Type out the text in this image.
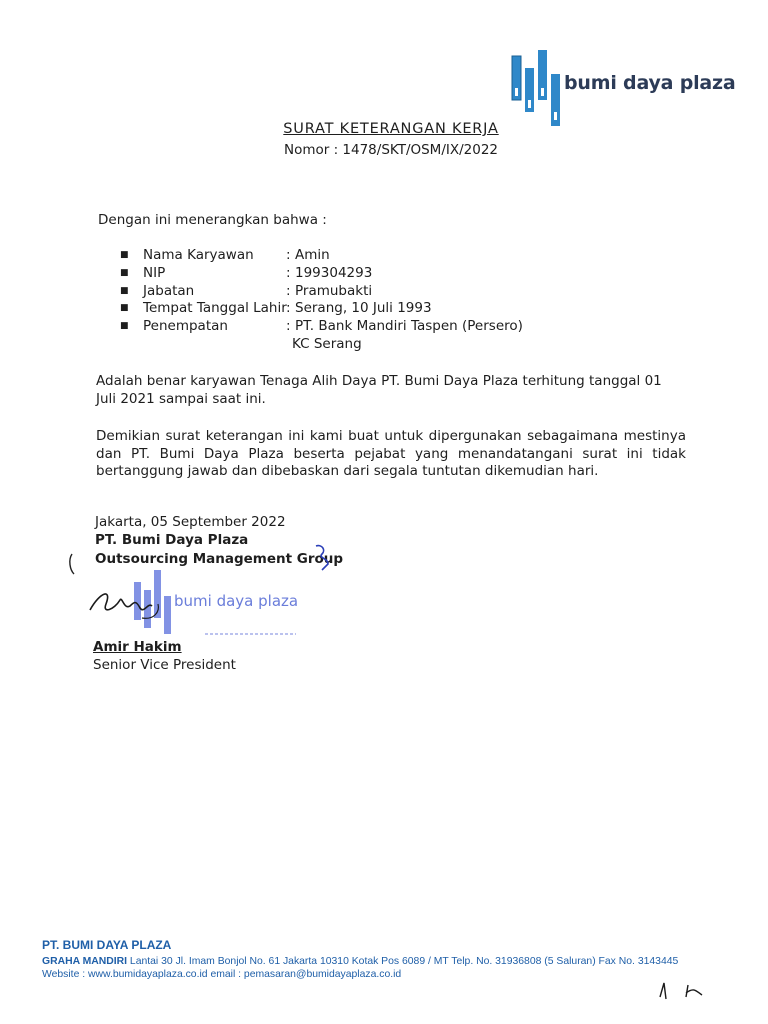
bumi daya plaza
SURAT KETERANGAN KERJA
Nomor : 1478/SKT/OSM/IX/2022
Dengan ini menerangkan bahwa :
■	Nama Karyawan	: Amin
■	NIP	: 199304293
■	Jabatan	: Pramubakti
■	Tempat Tanggal Lahir : Serang, 10 Juli 1993
■	Penempatan	: PT. Bank Mandiri Taspen (Persero)
KC Serang
Adalah benar karyawan Tenaga Alih Daya PT. Bumi Daya Plaza terhitung tanggal 01 Juli 2021 sampai saat ini.
Demikian surat keterangan ini kami buat untuk dipergunakan sebagaimana mestinya dan PT. Bumi Daya Plaza beserta pejabat yang menandatangani surat ini tidak bertanggung jawab dan dibebaskan dari segala tuntutan dikemudian hari.
Jakarta, 05 September 2022
PT. Bumi Daya Plaza
Outsourcing Management Group
bumi daya plaza
Amir Hakim
Senior Vice President
PT. BUMI DAYA PLAZA
GRAHA MANDIRI Lantai 30 Jl. Imam Bonjol No. 61 Jakarta 10310 Kotak Pos 6089 / MT Telp. No. 31936808 (5 Saluran) Fax No. 3143445
Website : www.bumidayaplaza.co.id email : pemasaran@bumidayaplaza.co.id
